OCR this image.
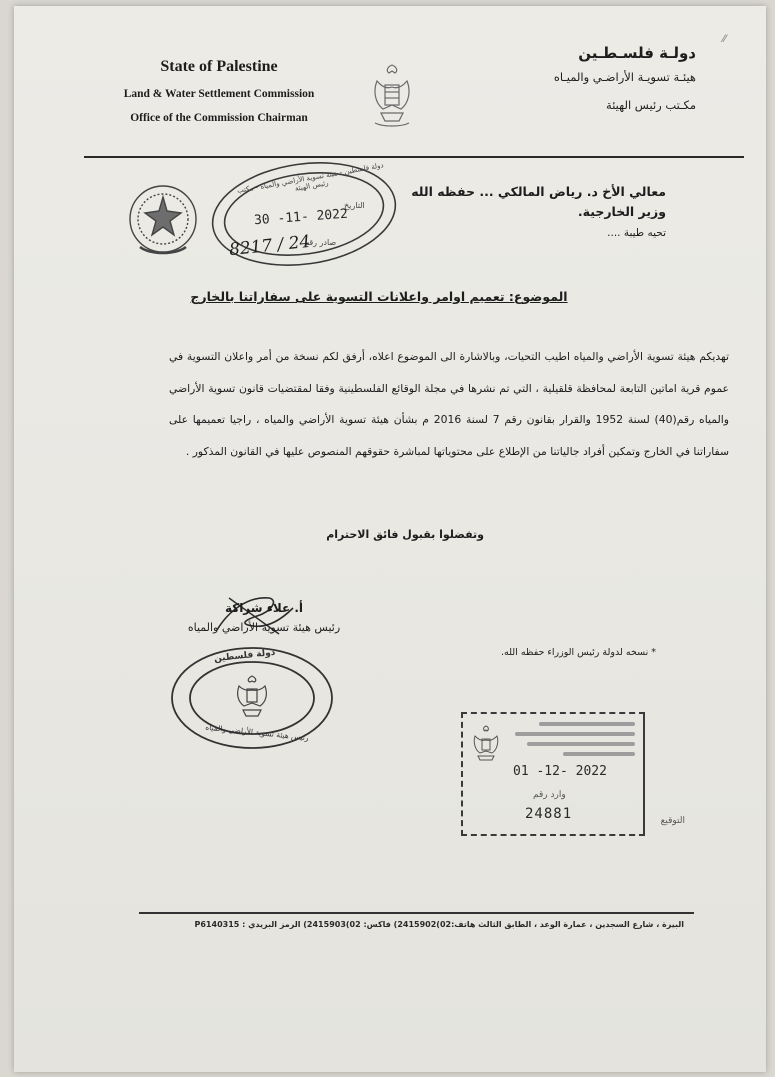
⁄⁄
State of Palestine
Land & Water Settlement Commission
Office of the Commission Chairman
دولـة فلسـطـين
هيئـة تسويـة الأراضـي والميـاه
مكـتب رئيس الهيئة
دولة فلسطين - هيئة تسوية الأراضي والمياه - مكتب رئيس الهيئة
التاريخ
30 -11- 2022
صادر رقم
8217 / 24
معالي الأخ د. رياض المالكي ... حفظه الله
وزير الخارجية.
تحيه طيبة ....
الموضوع: تعميم اوامر واعلانات التسوية على سفاراتنا بالخارج
تهديكم هيئة تسوية الأراضي والمياه اطيب التحيات، وبالاشارة الى الموضوع اعلاه، أرفق لكم نسخة من أمر واعلان التسوية في عموم قرية اماتين التابعة لمحافظة قلقيلية ، التي تم نشرها في مجلة الوقائع الفلسطينية وفقا لمقتضيات قانون تسوية الأراضي والمياه رقم(40) لسنة 1952 والقرار بقانون رقم 7 لسنة 2016 م بشأن هيئة تسوية الأراضي والمياه ، راجيا تعميمها على سفاراتنا في الخارج وتمكين أفراد جالياتنا من الإطلاع على محتوياتها لمباشرة حقوقهم المنصوص عليها في القانون المذكور .
وتفضلوا بقبول فائق الاحترام
أ. علاء شراكة
رئيس هيئة تسوية الأراضي والمياه
دولة فلسطين
رئيس هيئة تسوية الأراضي والمياه
* نسخه لدولة رئيس الوزراء حفظه الله.
01 -12- 2022
وارد رقم
24881	التوقيع
البيرة ، شارع السجدين ، عمارة الوعد ، الطابق الثالث هاتف:02)2415902) فاكس: 02)2415903) الرمز البريدي : P6140315
